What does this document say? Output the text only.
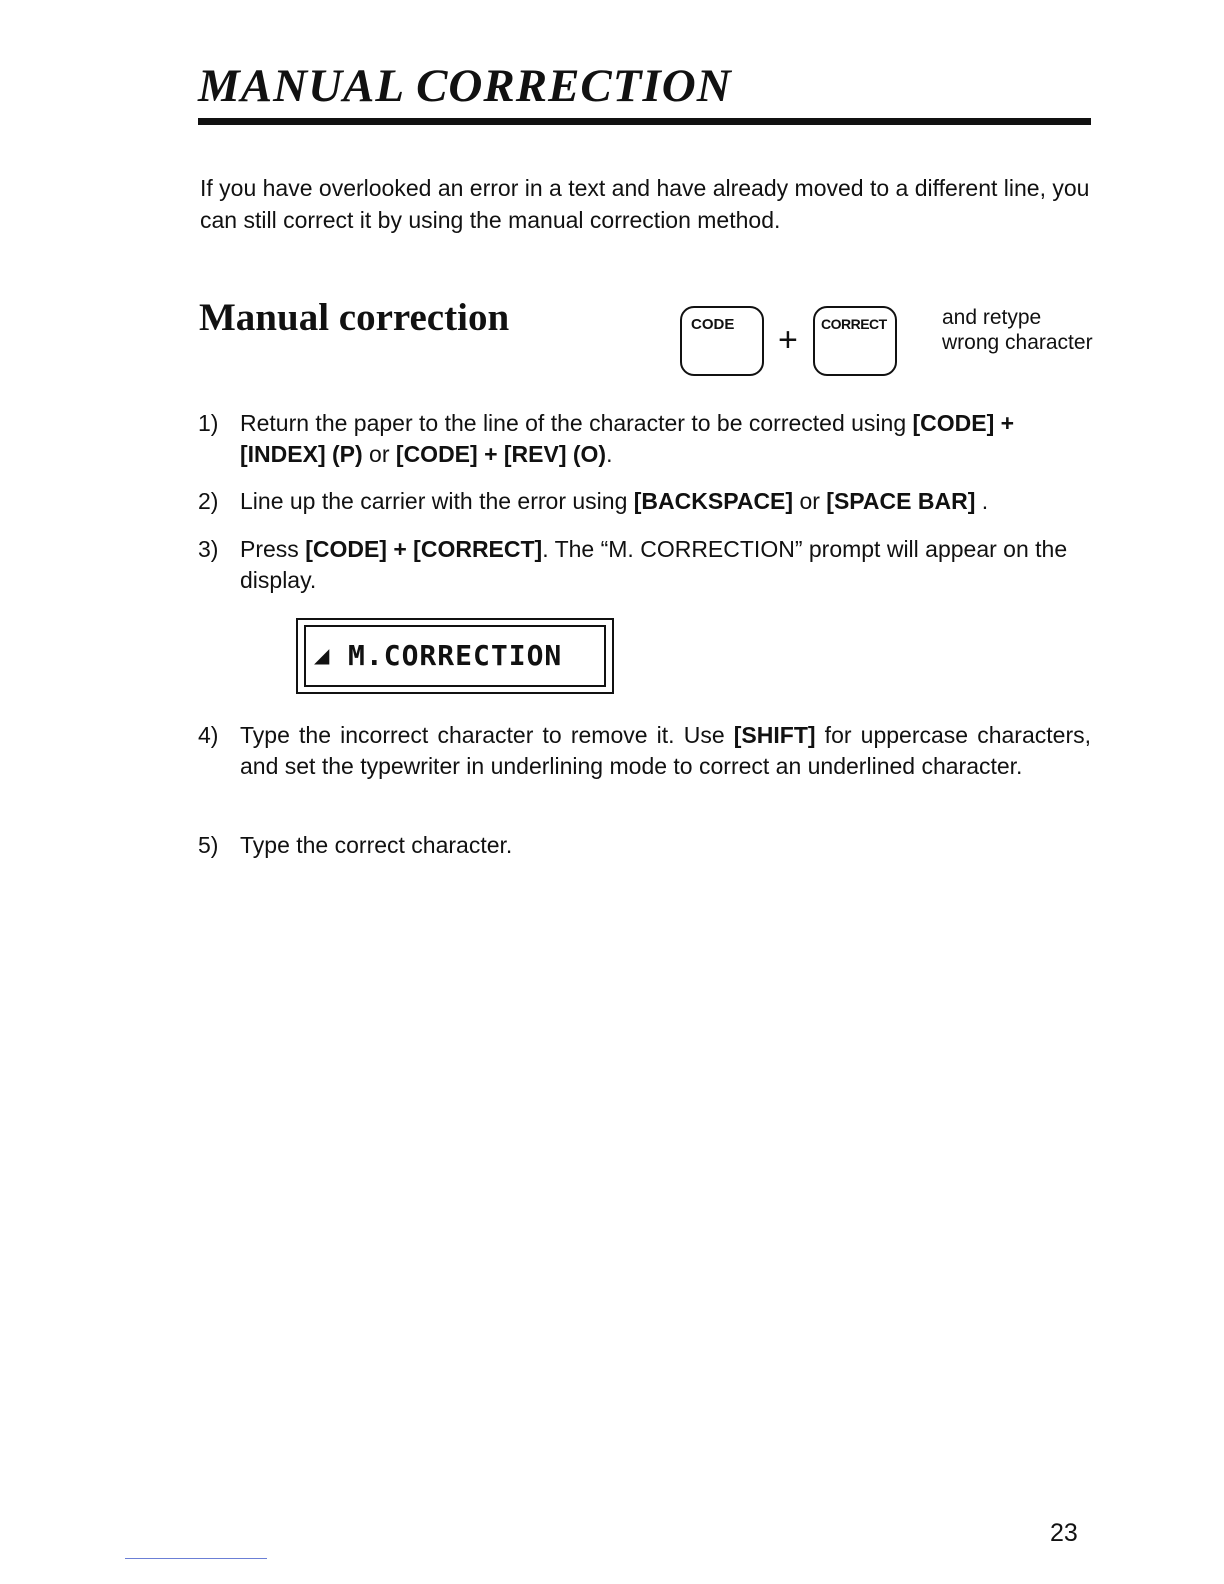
MANUAL CORRECTION

If you have overlooked an error in a text and have already moved to a different line, you can still correct it by using the manual correction method.

Manual correction	CODE + CORRECT	and retype wrong character
1) Return the paper to the line of the character to be corrected using [CODE] + [INDEX] (P) or [CODE] + [REV] (O).
2) Line up the carrier with the error using [BACKSPACE] or [SPACE BAR] .
3) Press [CODE] + [CORRECT]. The “M. CORRECTION” prompt will appear on the display.
4) Type the incorrect character to remove it. Use [SHIFT] for uppercase characters, and set the typewriter in underlining mode to correct an underlined character.
5) Type the correct character.
◢ M.CORRECTION
23
